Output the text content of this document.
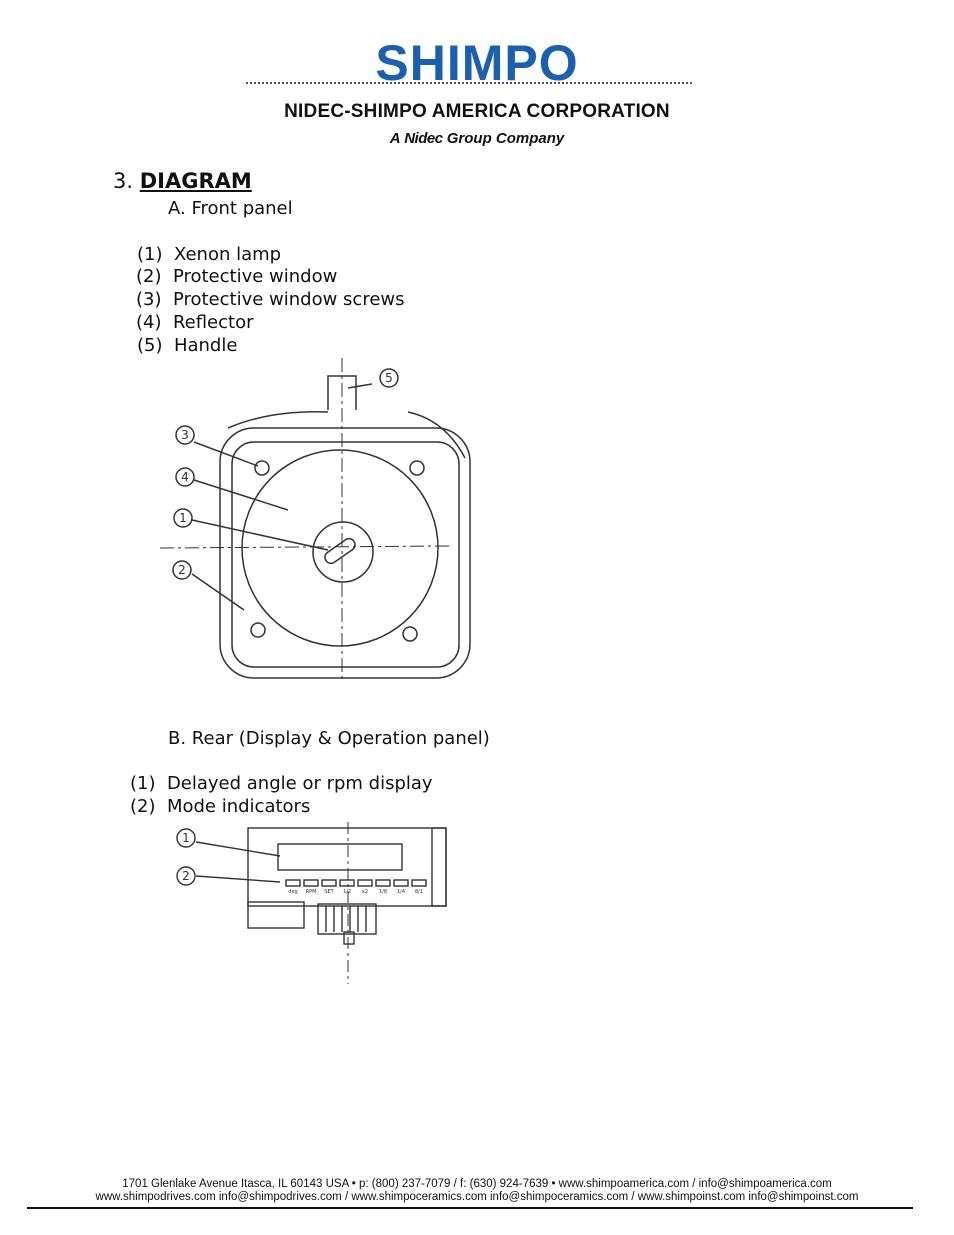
SHIMPO
NIDEC-SHIMPO AMERICA CORPORATION
A Nidec Group Company
3. DIAGRAM
A. Front panel
(1)  Xenon lamp
(2)  Protective window
(3)  Protective window screws
(4)  Reflector
(5)  Handle
5
3
4
1
2
B. Rear (Display & Operation panel)
(1)  Delayed angle or rpm display
(2)  Mode indicators
1
2
deg RPM SET 1/2 x2 1/8 1/4 8/1
1701 Glenlake Avenue Itasca, IL 60143 USA • p: (800) 237-7079 / f: (630) 924-7639 • www.shimpoamerica.com / info@shimpoamerica.com
www.shimpodrives.com info@shimpodrives.com / www.shimpoceramics.com info@shimpoceramics.com / www.shimpoinst.com info@shimpoinst.com
